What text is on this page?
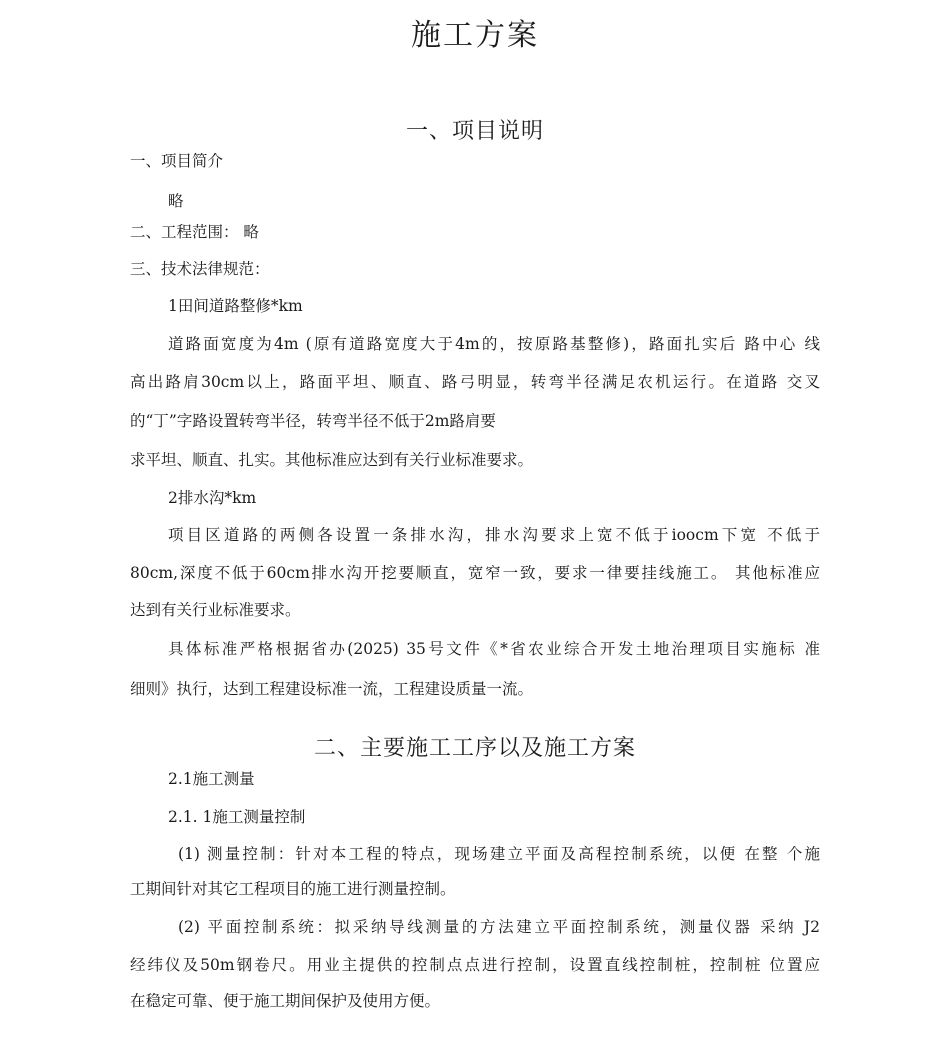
施工方案
一、项目说明
一、项目简介
略
二、工程范围： 略
三、技术法律规范：
1田间道路整修*km
道路面宽度为4m (原有道路宽度大于4m的，按原路基整修)，路面扎实后 路中心 线
高出路肩30cm以上，路面平坦、顺直、路弓明显，转弯半径满足农机运行。在道路 交叉
的“丁”字路设置转弯半径，转弯半径不低于2m路肩要
求平坦、顺直、扎实。其他标准应达到有关行业标准要求。
2排水沟*km
项目区道路的两侧各设置一条排水沟，排水沟要求上宽不低于iоocm下宽 不低于
80cm,深度不低于60cm排水沟开挖要顺直，宽窄一致，要求一律要挂线施工。 其他标准应
达到有关行业标准要求。
具体标准严格根据省办(2025) 35号文件《*省农业综合开发土地治理项目实施标 准
细则》执行，达到工程建设标准一流，工程建设质量一流。
二、主要施工工序以及施工方案
2.1施工测量
2.1. 1施工测量控制
(1) 测量控制：针对本工程的特点，现场建立平面及高程控制系统，以便 在整 个施
工期间针对其它工程项目的施工进行测量控制。
(2) 平面控制系统：拟采纳导线测量的方法建立平面控制系统，测量仪器 采纳 J2
经纬仪及50m钢卷尺。用业主提供的控制点点进行控制，设置直线控制桩，控制桩 位置应
在稳定可靠、便于施工期间保护及使用方便。
